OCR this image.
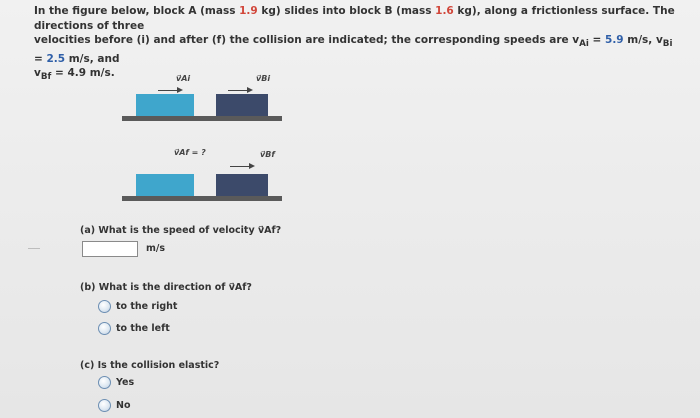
In the figure below, block A (mass 1.9 kg) slides into block B (mass 1.6 kg), along a frictionless surface. The directions of three
velocities before (i) and after (f) the collision are indicated; the corresponding speeds are $v_{Ai} = 5.9$ m/s, $v_{Bi} = 2.5$ m/s, and
$v_{Bf} = 4.9$ m/s.	v⃗Ai	v⃗Bi
v⃗Af = ?	v⃗Bf
(a) What is the speed of velocity v⃗Af?
m/s
(b) What is the direction of v⃗Af?
to the right
to the left
(c) Is the collision elastic?
Yes
No
